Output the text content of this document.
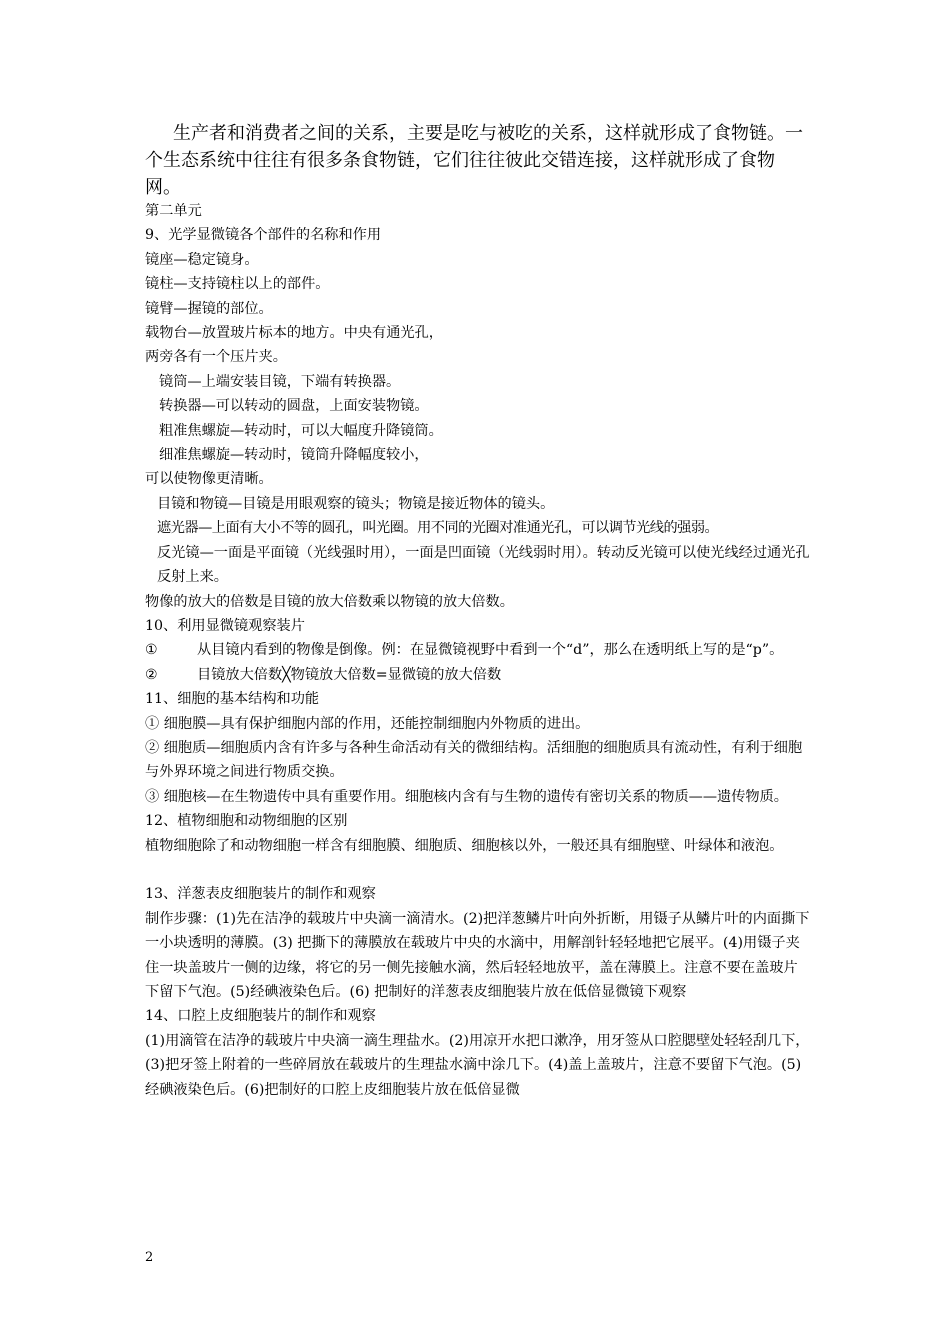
生产者和消费者之间的关系，主要是吃与被吃的关系，这样就形成了食物链。一个生态系统中往往有很多条食物链，它们往往彼此交错连接，这样就形成了食物网。

第二单元

9、光学显微镜各个部件的名称和作用

镜座—稳定镜身。

镜柱—支持镜柱以上的部件。

镜臂—握镜的部位。

载物台—放置玻片标本的地方。中央有通光孔，

两旁各有一个压片夹。

镜筒—上端安装目镜，下端有转换器。

转换器—可以转动的圆盘，上面安装物镜。

粗准焦螺旋—转动时，可以大幅度升降镜筒。

细准焦螺旋—转动时，镜筒升降幅度较小，

可以使物像更清晰。

目镜和物镜—目镜是用眼观察的镜头；物镜是接近物体的镜头。

遮光器—上面有大小不等的圆孔，叫光圈。用不同的光圈对准通光孔，可以调节光线的强弱。

反光镜—一面是平面镜（光线强时用），一面是凹面镜（光线弱时用）。转动反光镜可以使光线经过通光孔反射上来。

物像的放大的倍数是目镜的放大倍数乘以物镜的放大倍数。

10、利用显微镜观察装片

①	从目镜内看到的物像是倒像。例：在显微镜视野中看到一个“d”，那么在透明纸上写的是“p”。

②	目镜放大倍数╳物镜放大倍数=显微镜的放大倍数

11、细胞的基本结构和功能

① 细胞膜—具有保护细胞内部的作用，还能控制细胞内外物质的进出。

② 细胞质—细胞质内含有许多与各种生命活动有关的微细结构。活细胞的细胞质具有流动性，有利于细胞与外界环境之间进行物质交换。

③ 细胞核—在生物遗传中具有重要作用。细胞核内含有与生物的遗传有密切关系的物质——遗传物质。

12、植物细胞和动物细胞的区别

植物细胞除了和动物细胞一样含有细胞膜、细胞质、细胞核以外，一般还具有细胞壁、叶绿体和液泡。

13、洋葱表皮细胞装片的制作和观察

制作步骤：(1)先在洁净的载玻片中央滴一滴清水。(2)把洋葱鳞片叶向外折断，用镊子从鳞片叶的内面撕下一小块透明的薄膜。(3) 把撕下的薄膜放在载玻片中央的水滴中，用解剖针轻轻地把它展平。(4)用镊子夹住一块盖玻片一侧的边缘，将它的另一侧先接触水滴，然后轻轻地放平，盖在薄膜上。注意不要在盖玻片下留下气泡。(5)经碘液染色后。(6) 把制好的洋葱表皮细胞装片放在低倍显微镜下观察

14、口腔上皮细胞装片的制作和观察

(1)用滴管在洁净的载玻片中央滴一滴生理盐水。(2)用凉开水把口漱净，用牙签从口腔腮壁处轻轻刮几下，(3)把牙签上附着的一些碎屑放在载玻片的生理盐水滴中涂几下。(4)盖上盖玻片，注意不要留下气泡。(5)经碘液染色后。(6)把制好的口腔上皮细胞装片放在低倍显微

2
